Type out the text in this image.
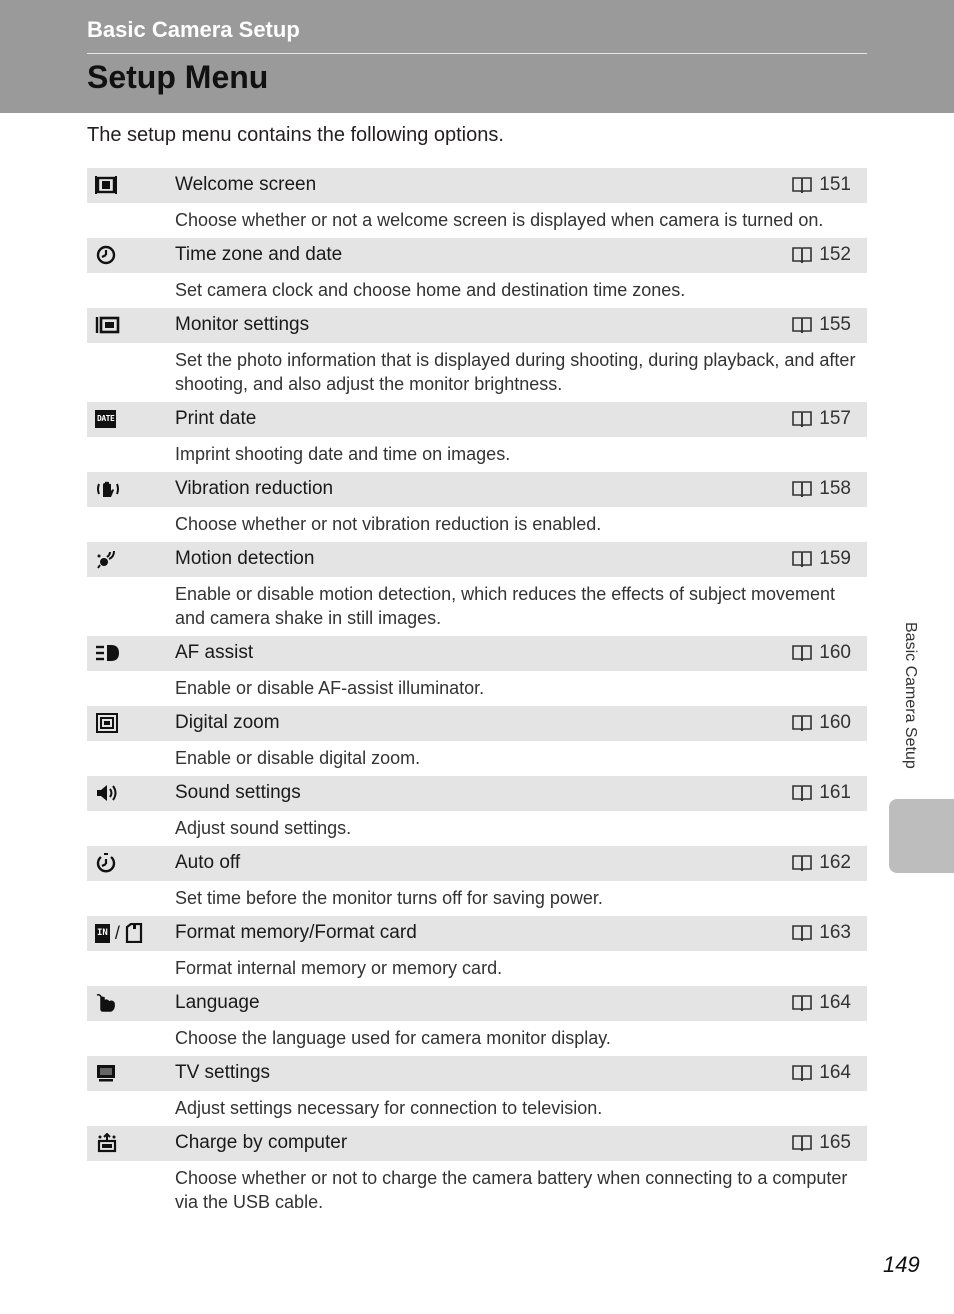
Basic Camera Setup
Setup Menu
The setup menu contains the following options.
Welcome screen	151
Choose whether or not a welcome screen is displayed when camera is turned on.
Time zone and date	152
Set camera clock and choose home and destination time zones.
Monitor settings	155
Set the photo information that is displayed during shooting, during playback, and after shooting, and also adjust the monitor brightness.
DATE	Print date	157
Imprint shooting date and time on images.
Vibration reduction	158
Choose whether or not vibration reduction is enabled.
Motion detection	159
Enable or disable motion detection, which reduces the effects of subject movement and camera shake in still images.
AF assist	160
Enable or disable AF-assist illuminator.
Digital zoom	160
Enable or disable digital zoom.
Sound settings	161
Adjust sound settings.
Auto off	162
Set time before the monitor turns off for saving power.
IN /	Format memory/Format card	163
Format internal memory or memory card.
Language	164
Choose the language used for camera monitor display.
TV settings	164
Adjust settings necessary for connection to television.
Charge by computer	165
Choose whether or not to charge the camera battery when connecting to a computer via the USB cable.
Basic Camera Setup
149
